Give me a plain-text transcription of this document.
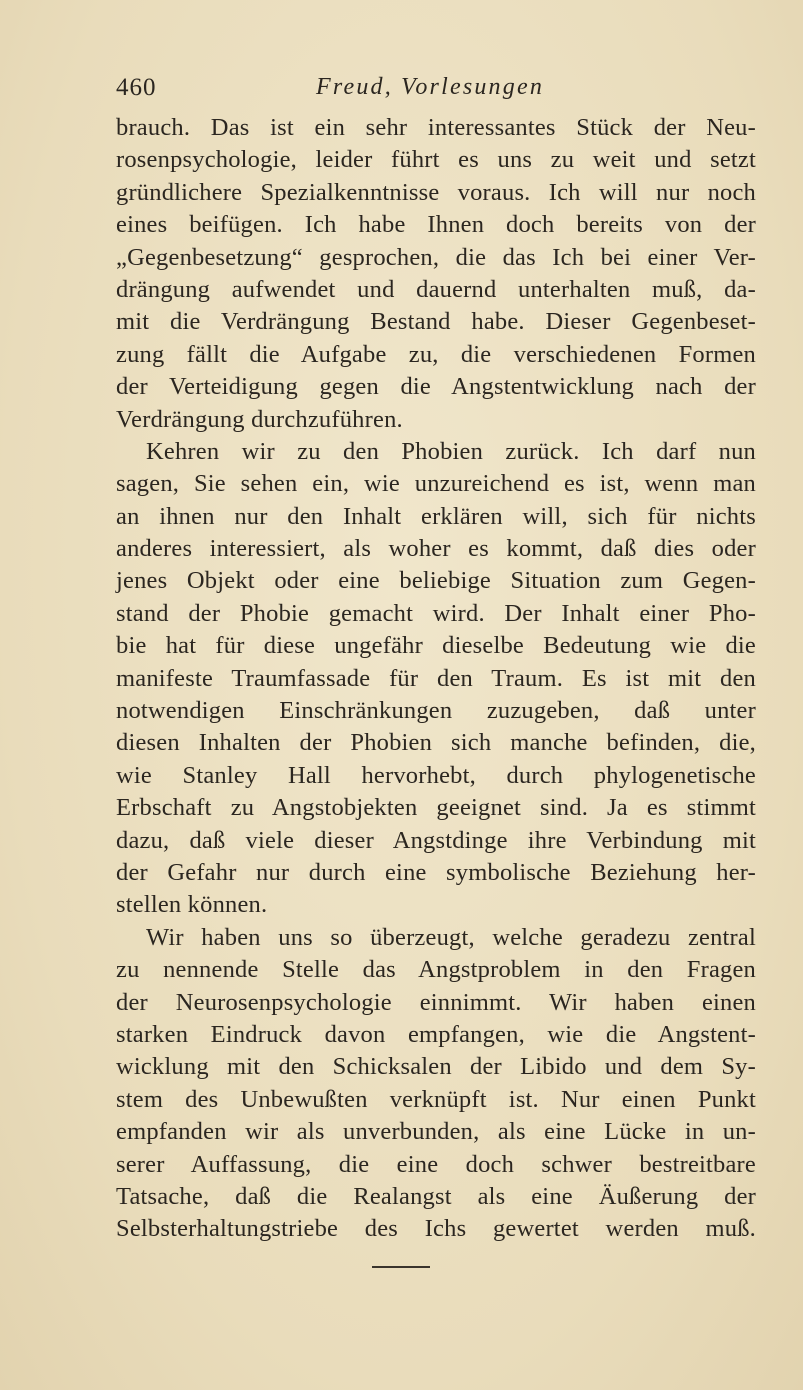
460	Freud, Vorlesungen
brauch. Das ist ein sehr interessantes Stück der Neu-
rosenpsychologie, leider führt es uns zu weit und setzt
gründlichere Spezialkenntnisse voraus. Ich will nur noch
eines beifügen. Ich habe Ihnen doch bereits von der
„Gegenbesetzung“ gesprochen, die das Ich bei einer Ver-
drängung aufwendet und dauernd unterhalten muß, da-
mit die Verdrängung Bestand habe. Dieser Gegenbeset-
zung fällt die Aufgabe zu, die verschiedenen Formen
der Verteidigung gegen die Angstentwicklung nach der
Verdrängung durchzuführen.
Kehren wir zu den Phobien zurück. Ich darf nun
sagen, Sie sehen ein, wie unzureichend es ist, wenn man
an ihnen nur den Inhalt erklären will, sich für nichts
anderes interessiert, als woher es kommt, daß dies oder
jenes Objekt oder eine beliebige Situation zum Gegen-
stand der Phobie gemacht wird. Der Inhalt einer Pho-
bie hat für diese ungefähr dieselbe Bedeutung wie die
manifeste Traumfassade für den Traum. Es ist mit den
notwendigen Einschränkungen zuzugeben, daß unter
diesen Inhalten der Phobien sich manche befinden, die,
wie Stanley Hall hervorhebt, durch phylogenetische
Erbschaft zu Angstobjekten geeignet sind. Ja es stimmt
dazu, daß viele dieser Angstdinge ihre Verbindung mit
der Gefahr nur durch eine symbolische Beziehung her-
stellen können.
Wir haben uns so überzeugt, welche geradezu zentral
zu nennende Stelle das Angstproblem in den Fragen
der Neurosenpsychologie einnimmt. Wir haben einen
starken Eindruck davon empfangen, wie die Angstent-
wicklung mit den Schicksalen der Libido und dem Sy-
stem des Unbewußten verknüpft ist. Nur einen Punkt
empfanden wir als unverbunden, als eine Lücke in un-
serer Auffassung, die eine doch schwer bestreitbare
Tatsache, daß die Realangst als eine Äußerung der
Selbsterhaltungstriebe des Ichs gewertet werden muß.
